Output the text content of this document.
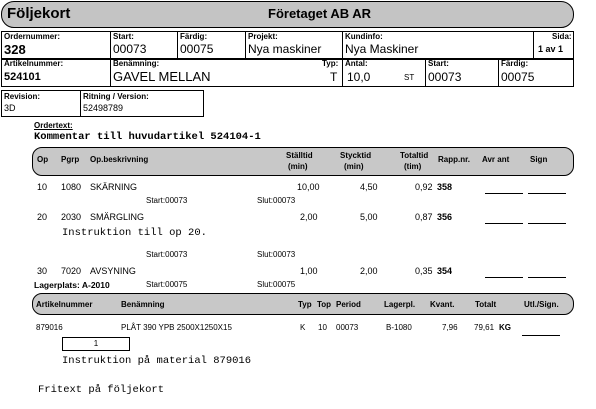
Följekort	Företaget AB AR
Ordernummer:
328
Start:
00073
Färdig:
00075
Projekt:
Nya maskiner
Kundinfo:
Nya Maskiner
Sida:
1 av 1
Artikelnummer:
524101
Benämning:
GAVEL MELLAN
Typ:
T
Antal:
10,0	ST
Start:
00073
Färdig:
00075
Revision:
3D
Ritning / Version:
52498789
Ordertext:
Kommentar till huvudartikel 524104-1
Op Pgrp Op.beskrivning	Ställtid
(min)
Stycktid
(min)
Totaltid
(tim)
Rapp.nr. Avr ant	Sign
10 1080 SKÄRNING	10,00	4,50	0,92 358
Start:00073	Slut:00073
20 2030 SMÄRGLING	2,00	5,00	0,87 356
Instruktion till op 20.
Start:00073	Slut:00073
30 7020 AVSYNING	1,00	2,00	0,35 354
Lagerplats: A-2010	Start:00075	Slut:00075
Artikelnummer	Benämning	Typ Top Period	Lagerpl. Kvant.	Totalt	Utl./Sign.
879016	PLÅT 390 YPB 2500X1250X15	K 10 00073	B-1080	7,96 79,61 KG
1
Instruktion på material 879016
Fritext på följekort
